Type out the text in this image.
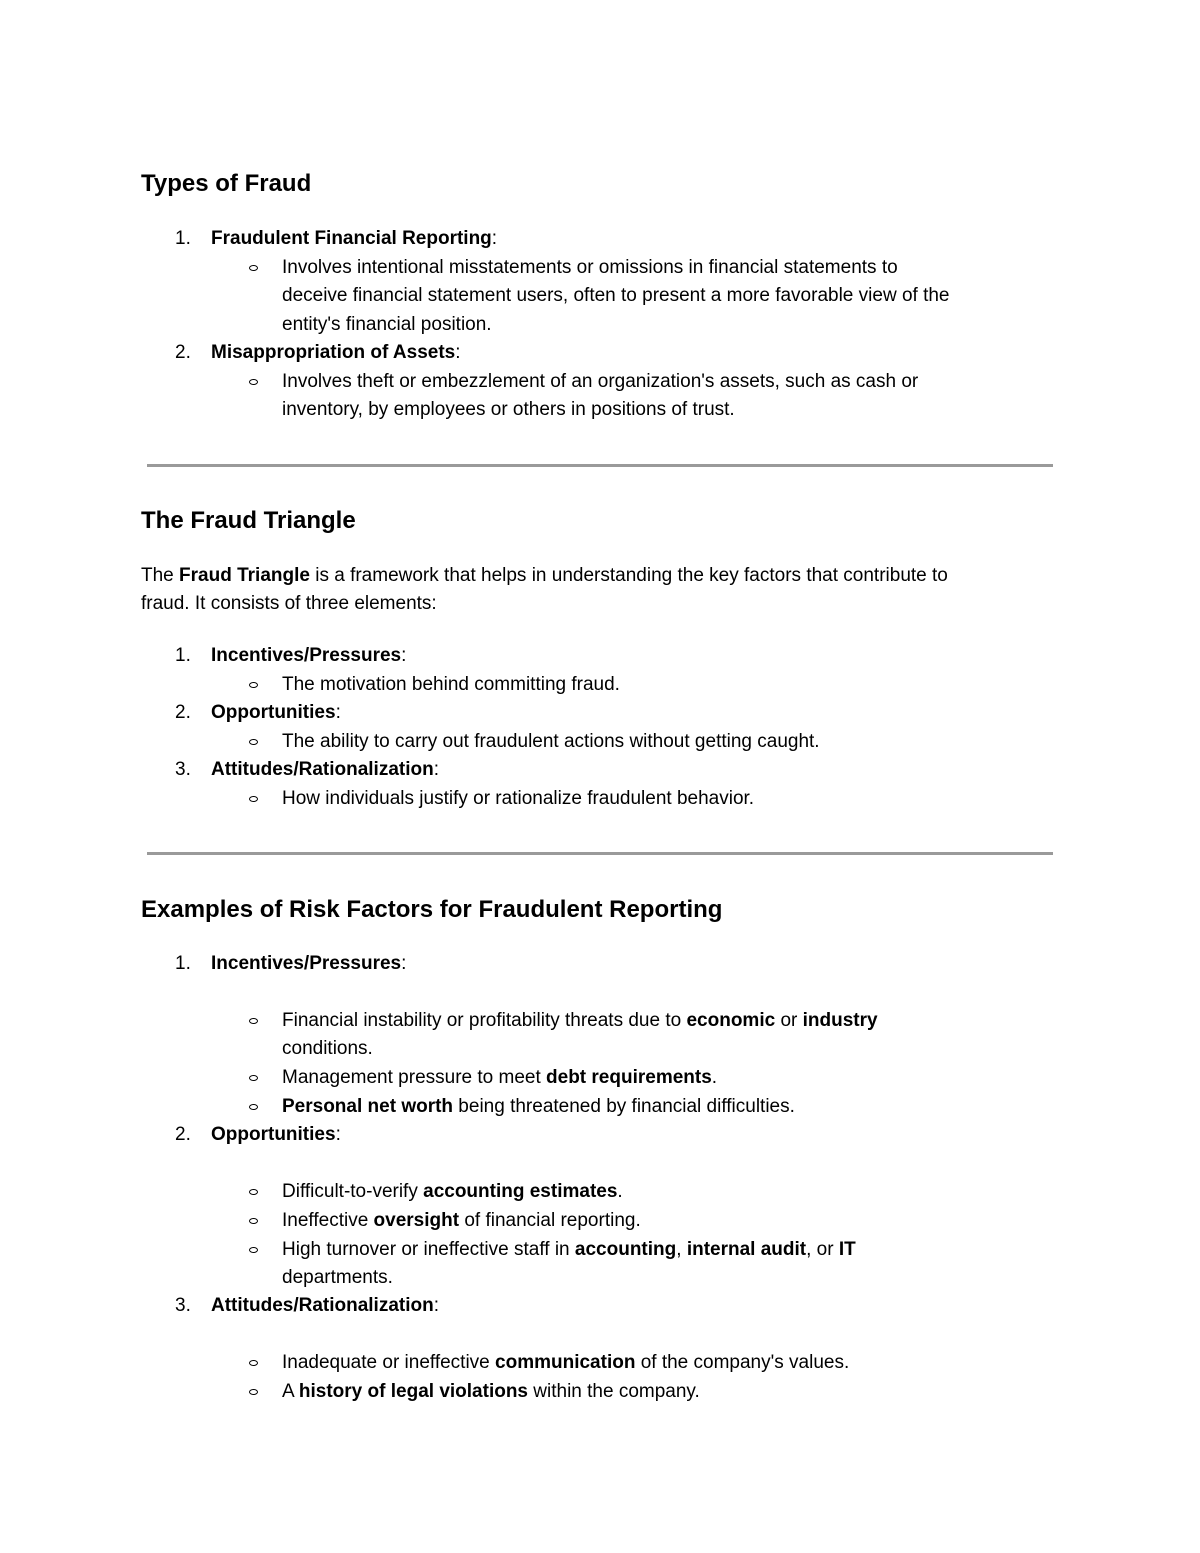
Types of Fraud
1. Fraudulent Financial Reporting:
Involves intentional misstatements or omissions in financial statements to
deceive financial statement users, often to present a more favorable view of the
entity's financial position.
2. Misappropriation of Assets:
Involves theft or embezzlement of an organization's assets, such as cash or
inventory, by employees or others in positions of trust.
The Fraud Triangle
The Fraud Triangle is a framework that helps in understanding the key factors that contribute to
fraud. It consists of three elements:
1. Incentives/Pressures:
The motivation behind committing fraud.
2. Opportunities:
The ability to carry out fraudulent actions without getting caught.
3. Attitudes/Rationalization:
How individuals justify or rationalize fraudulent behavior.
Examples of Risk Factors for Fraudulent Reporting
1. Incentives/Pressures:
Financial instability or profitability threats due to economic or industry
conditions.
Management pressure to meet debt requirements.
Personal net worth being threatened by financial difficulties.
2. Opportunities:
Difficult-to-verify accounting estimates.
Ineffective oversight of financial reporting.
High turnover or ineffective staff in accounting, internal audit, or IT
departments.
3. Attitudes/Rationalization:
Inadequate or ineffective communication of the company's values.
A history of legal violations within the company.
